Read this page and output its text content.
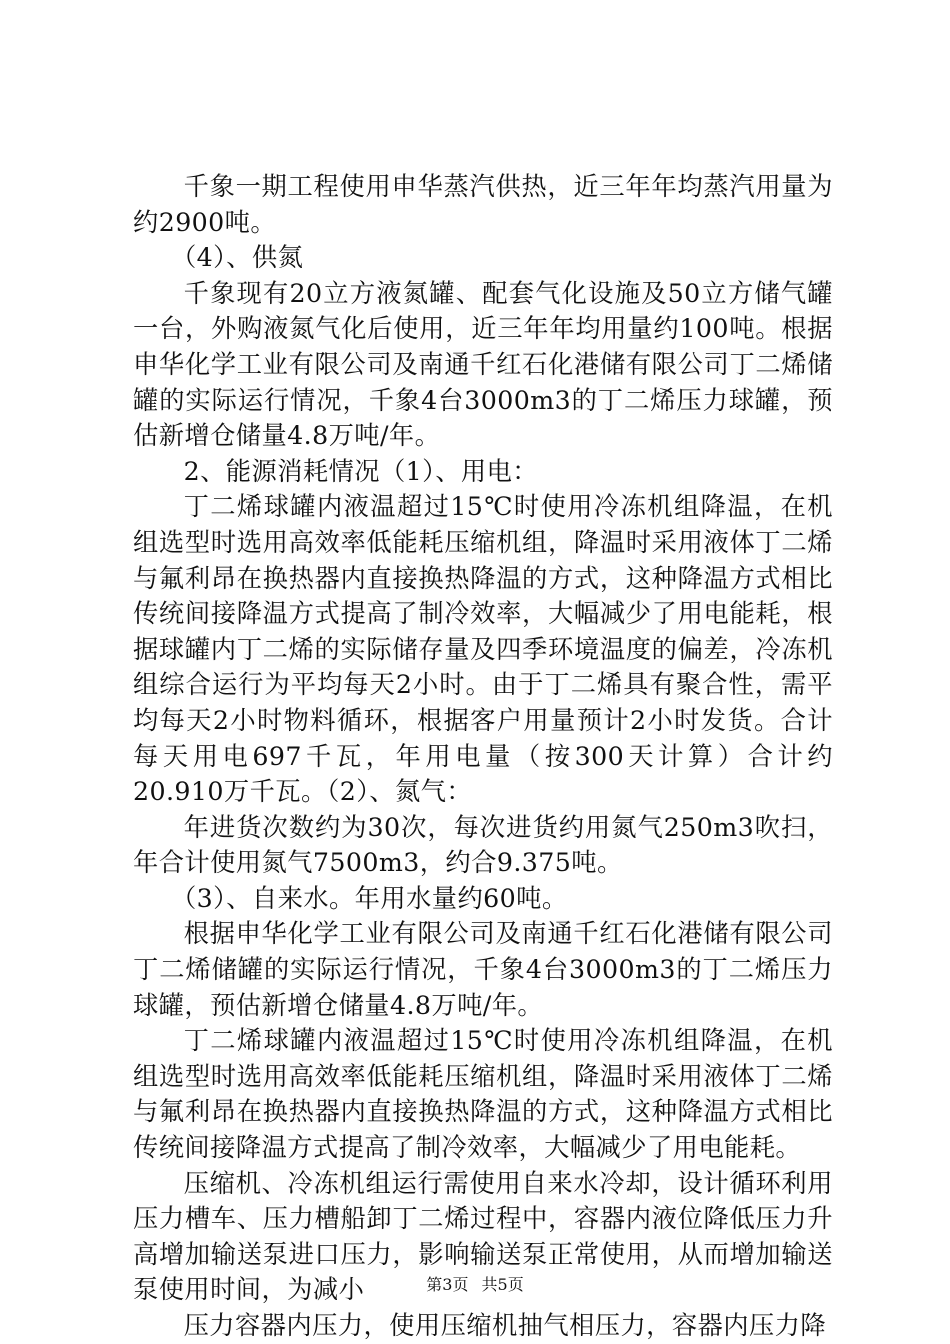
千象一期工程使用申华蒸汽供热，近三年年均蒸汽用量为约2900吨。

（4）、供氮

千象现有20立方液氮罐、配套气化设施及50立方储气罐一台，外购液氮气化后使用，近三年年均用量约100吨。根据申华化学工业有限公司及南通千红石化港储有限公司丁二烯储罐的实际运行情况，千象4台3000m3的丁二烯压力球罐，预估新增仓储量4.8万吨/年。

2、能源消耗情况（1）、用电：

丁二烯球罐内液温超过15℃时使用冷冻机组降温，在机组选型时选用高效率低能耗压缩机组，降温时采用液体丁二烯与氟利昂在换热器内直接换热降温的方式，这种降温方式相比传统间接降温方式提高了制冷效率，大幅减少了用电能耗，根据球罐内丁二烯的实际储存量及四季环境温度的偏差，冷冻机组综合运行为平均每天2小时。由于丁二烯具有聚合性，需平均每天2小时物料循环，根据客户用量预计2小时发货。合计每天用电697千瓦，年用电量（按300天计算）合计约20.910万千瓦。（2）、氮气：

年进货次数约为30次，每次进货约用氮气250m3吹扫，年合计使用氮气7500m3，约合9.375吨。

（3）、自来水。年用水量约60吨。

根据申华化学工业有限公司及南通千红石化港储有限公司丁二烯储罐的实际运行情况，千象4台3000m3的丁二烯压力球罐，预估新增仓储量4.8万吨/年。

丁二烯球罐内液温超过15℃时使用冷冻机组降温，在机组选型时选用高效率低能耗压缩机组，降温时采用液体丁二烯与氟利昂在换热器内直接换热降温的方式，这种降温方式相比传统间接降温方式提高了制冷效率，大幅减少了用电能耗。

压缩机、冷冻机组运行需使用自来水冷却，设计循环利用压力槽车、压力槽船卸丁二烯过程中，容器内液位降低压力升高增加输送泵进口压力，影响输送泵正常使用，从而增加输送泵使用时间，为减小

压力容器内压力，使用压缩机抽气相压力，容器内压力降

第3页 共5页
